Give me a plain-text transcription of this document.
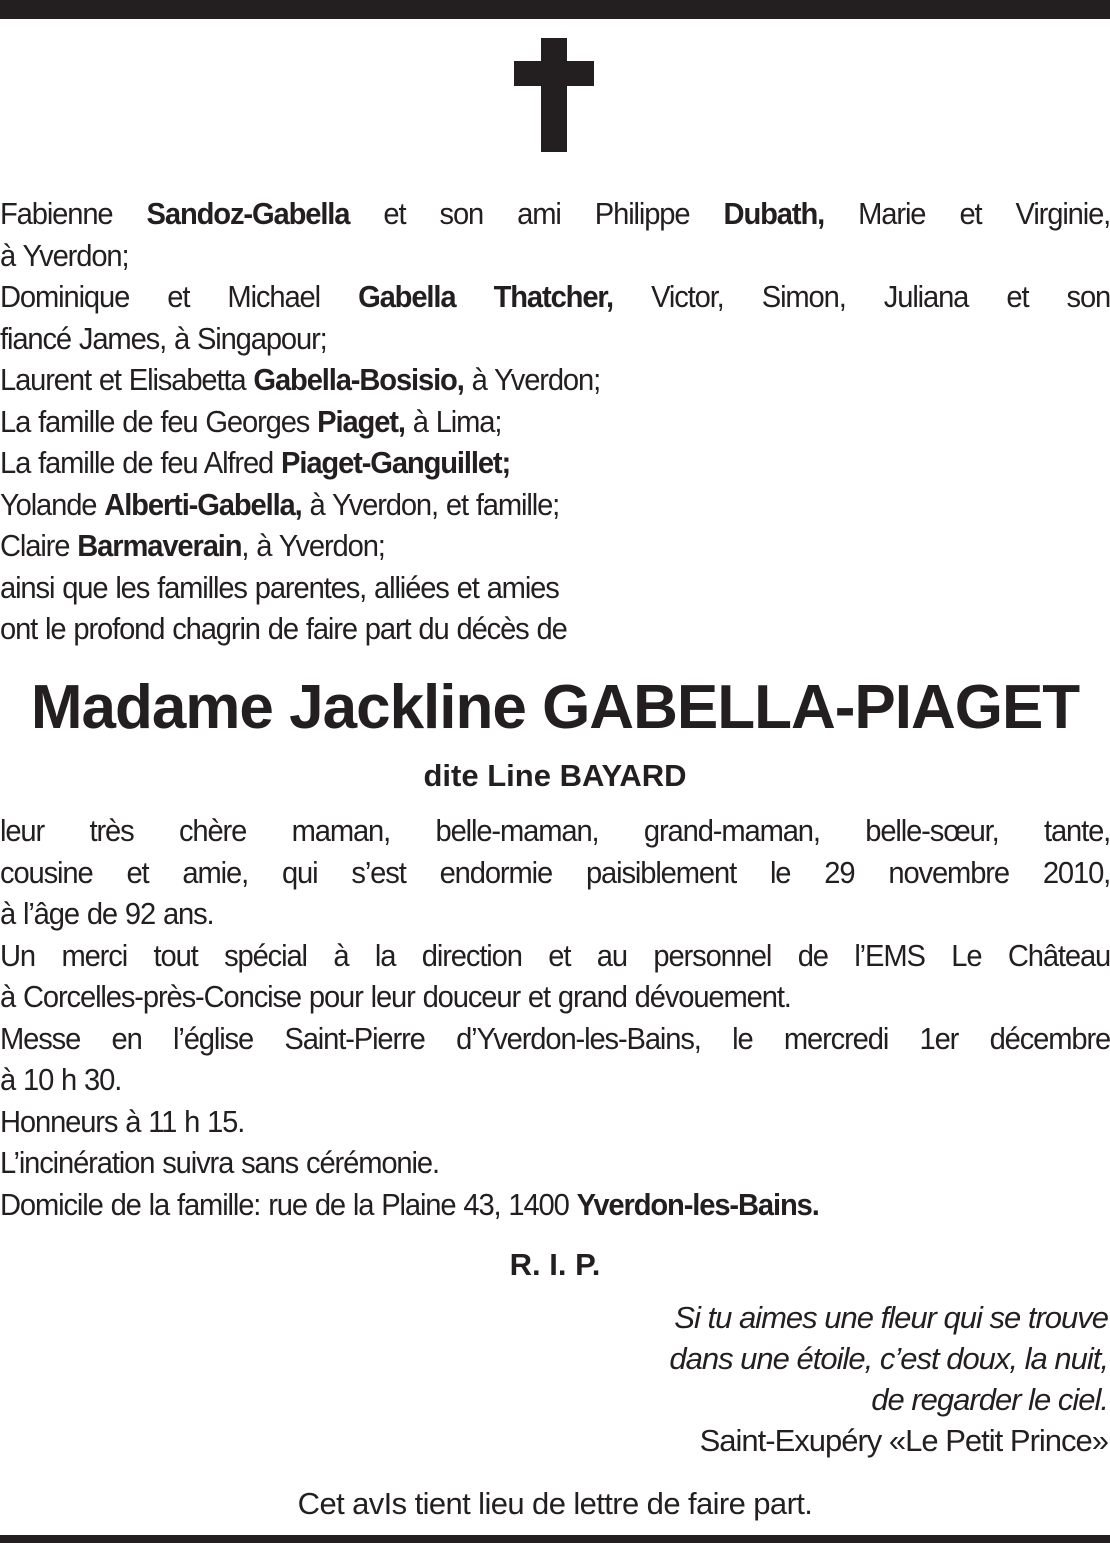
Fabienne Sandoz-Gabella et son ami Philippe Dubath, Marie et Virginie,
à Yverdon;
Dominique et Michael Gabella Thatcher, Victor, Simon, Juliana et son
fiancé James, à Singapour;
Laurent et Elisabetta Gabella-Bosisio, à Yverdon;
La famille de feu Georges Piaget, à Lima;
La famille de feu Alfred Piaget-Ganguillet;
Yolande Alberti-Gabella, à Yverdon, et famille;
Claire Barmaverain, à Yverdon;
ainsi que les familles parentes, alliées et amies
ont le profond chagrin de faire part du décès de
Madame Jackline GABELLA-PIAGET
dite Line BAYARD
leur très chère maman, belle-maman, grand-maman, belle-sœur, tante,
cousine et amie, qui s’est endormie paisiblement le 29 novembre 2010,
à l’âge de 92 ans.
Un merci tout spécial à la direction et au personnel de l’EMS Le Château
à Corcelles-près-Concise pour leur douceur et grand dévouement.
Messe en l’église Saint-Pierre d’Yverdon-les-Bains, le mercredi 1er décembre
à 10 h 30.
Honneurs à 11 h 15.
L’incinération suivra sans cérémonie.
Domicile de la famille: rue de la Plaine 43, 1400 Yverdon-les-Bains.
R. I. P.
Si tu aimes une fleur qui se trouve
dans une étoile, c’est doux, la nuit,
de regarder le ciel.
Saint-Exupéry «Le Petit Prince»
Cet avIs tient lieu de lettre de faire part.
